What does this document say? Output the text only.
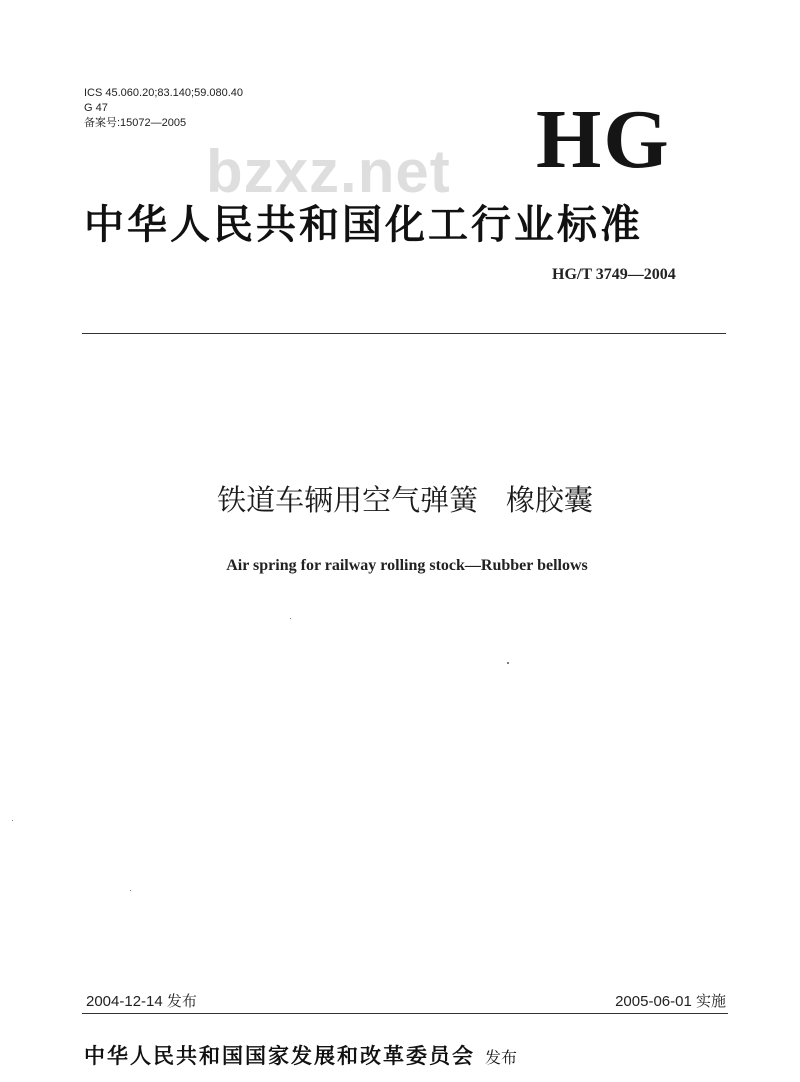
ICS 45.060.20;83.140;59.080.40
G 47
备案号:15072—2005	HG
bzxz.net
中华人民共和国化工行业标准
HG/T 3749—2004
铁道车辆用空气弹簧   橡胶囊
Air spring for railway rolling stock—Rubber bellows
2004-12-14 发布	2005-06-01 实施
中华人民共和国国家发展和改革委员会 发布
